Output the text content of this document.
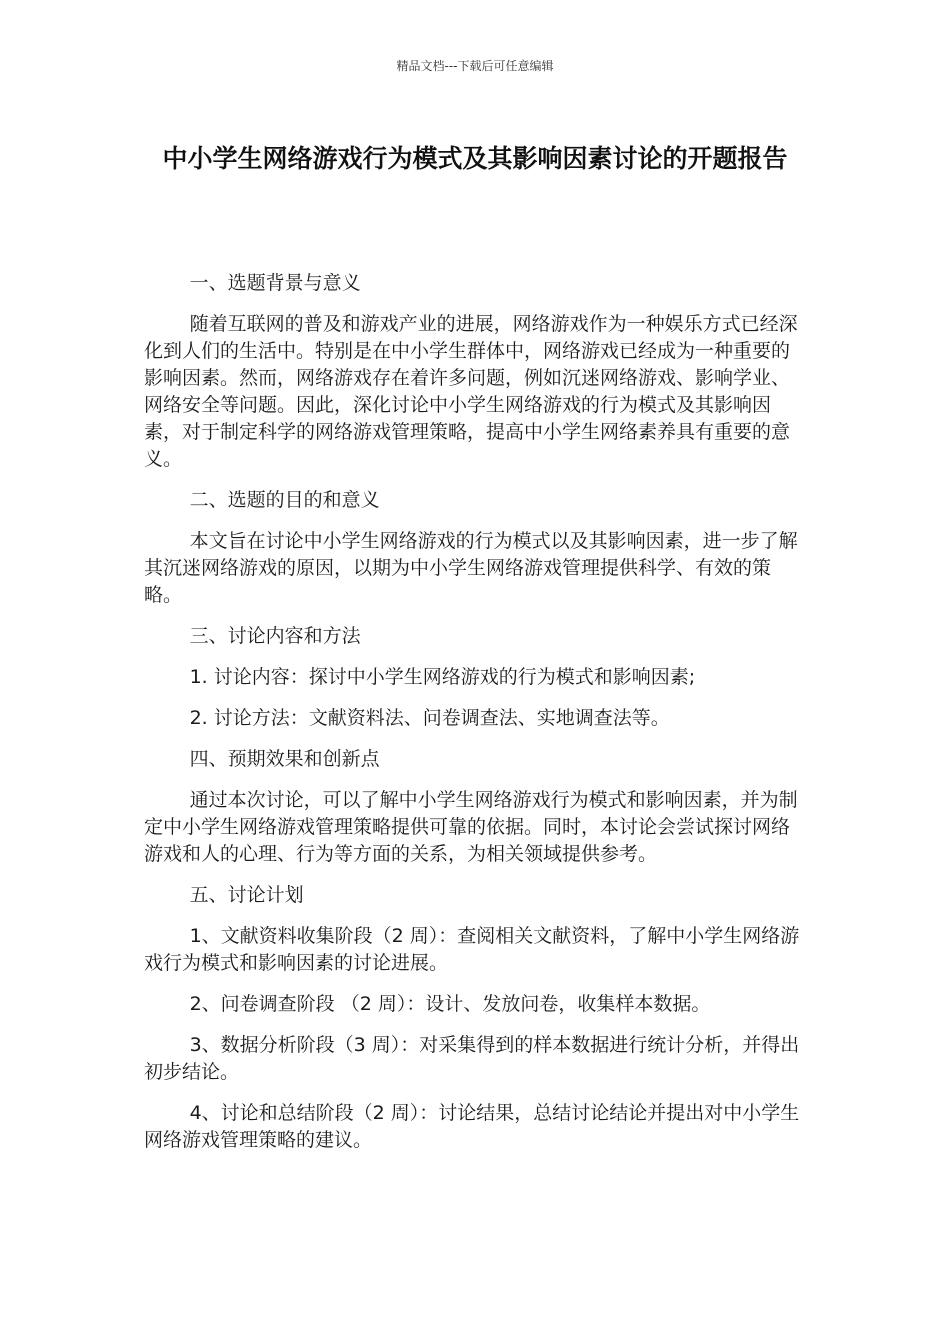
精品文档---下载后可任意编辑
中小学生网络游戏行为模式及其影响因素讨论的开题报告

一、选题背景与意义

随着互联网的普及和游戏产业的进展，网络游戏作为一种娱乐方式已经深化到人们的生活中。特别是在中小学生群体中，网络游戏已经成为一种重要的影响因素。然而，网络游戏存在着许多问题，例如沉迷网络游戏、影响学业、网络安全等问题。因此，深化讨论中小学生网络游戏的行为模式及其影响因素，对于制定科学的网络游戏管理策略，提高中小学生网络素养具有重要的意义。

二、选题的目的和意义

本文旨在讨论中小学生网络游戏的行为模式以及其影响因素，进一步了解其沉迷网络游戏的原因，以期为中小学生网络游戏管理提供科学、有效的策略。

三、讨论内容和方法

1. 讨论内容：探讨中小学生网络游戏的行为模式和影响因素;

2. 讨论方法：文献资料法、问卷调查法、实地调查法等。

四、预期效果和创新点

通过本次讨论，可以了解中小学生网络游戏行为模式和影响因素，并为制定中小学生网络游戏管理策略提供可靠的依据。同时，本讨论会尝试探讨网络游戏和人的心理、行为等方面的关系，为相关领域提供参考。

五、讨论计划

1、文献资料收集阶段（2 周）：查阅相关文献资料，了解中小学生网络游戏行为模式和影响因素的讨论进展。

2、问卷调查阶段 （2 周）：设计、发放问卷，收集样本数据。

3、数据分析阶段（3 周）：对采集得到的样本数据进行统计分析，并得出初步结论。

4、讨论和总结阶段（2 周）：讨论结果，总结讨论结论并提出对中小学生网络游戏管理策略的建议。
